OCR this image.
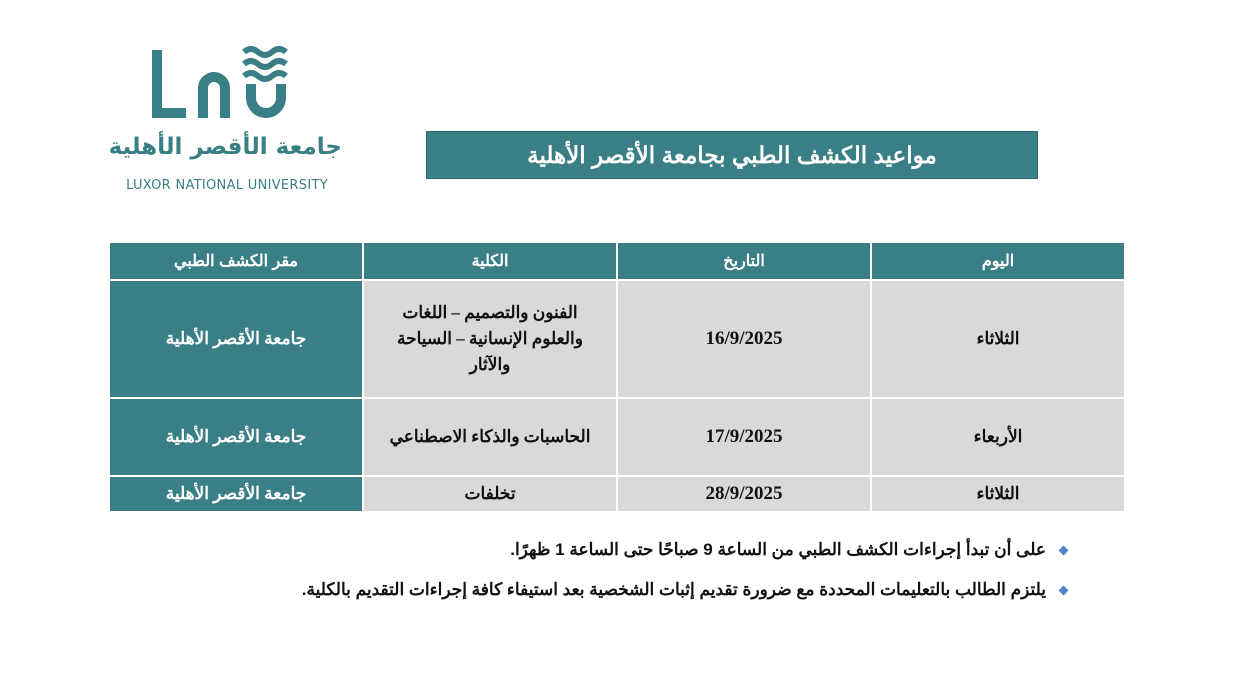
جامعة الأقصر الأهلية
LUXOR NATIONAL UNIVERSITY
مواعيد الكشف الطبي بجامعة الأقصر الأهلية
اليوم	التاريخ	الكلية	مقر الكشف الطبي
الثلاثاء	16/9/2025	الفنون والتصميم – اللغات
والعلوم الإنسانية – السياحة
والآثار	جامعة الأقصر الأهلية
الأربعاء	17/9/2025	الحاسبات والذكاء الاصطناعي	جامعة الأقصر الأهلية
الثلاثاء	28/9/2025	تخلفات	جامعة الأقصر الأهلية
على أن تبدأ إجراءات الكشف الطبي من الساعة 9 صباحًا حتى الساعة 1 ظهرًا.
يلتزم الطالب بالتعليمات المحددة مع ضرورة تقديم إثبات الشخصية بعد استيفاء كافة إجراءات التقديم بالكلية.
